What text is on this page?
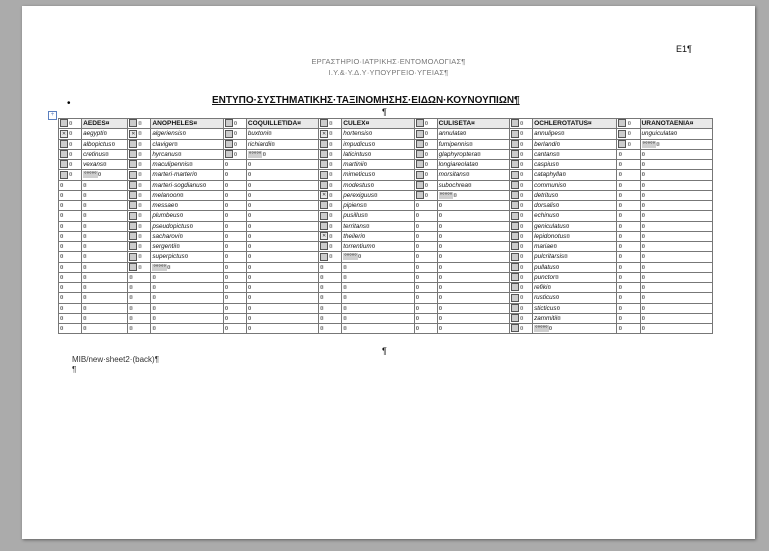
E1¶
ΕΡΓΑΣΤΗΡΙΟ·ΙΑΤΡΙΚΗΣ·ΕΝΤΟΜΟΛΟΓΙΑΣ¶
Ι.Υ.&·Υ.Δ.Υ·ΥΠΟΥΡΓΕΙΟ·ΥΓΕΙΑΣ¶
•	ΕΝΤΥΠΟ·ΣΥΣΤΗΜΑΤΙΚΗΣ·ΤΑΞΙΝΟΜΗΣΗΣ·ΕΙΔΩΝ·ΚΟΥΝΟΥΠΙΩΝ¶
¶
+
¤	AEDES¤	¤	ANOPHELES¤	¤	COQUILLETIDA¤	¤	CULEX¤	¤	CULISETA¤	¤	OCHLEROTATUS¤	¤	URANOTAENIA¤
✕¤	aegypti¤	✕¤	algeriensis¤	¤	buxtoni¤	✕¤	hortensis¤	¤	annulata¤	¤	annulipes¤	¤	unguiculata¤
¤	albopictus¤	¤	claviger¤	¤	richiardii¤	¤	impudicus¤	¤	fumipennis¤	¤	berlandi¤	¤	°°°°°¤
¤	cretinus¤	¤	hyrcanus¤	¤	°°°°°¤	¤	laticintus¤	¤	glaphyroptera¤	¤	cantans¤	¤	¤
¤	vexans¤	¤	maculipennis¤	¤	¤	¤	martinii¤	¤	longiareolata¤	¤	caspius¤	¤	¤
¤	°°°°°¤	¤	marteri·marteri¤	¤	¤	¤	mimeticus¤	¤	morsitans¤	¤	cataphylla¤	¤	¤
¤	¤	¤	marteri·sogdianus¤	¤	¤	¤	modestus¤	¤	subochrea¤	¤	communis¤	¤	¤
¤	¤	¤	melanoon¤	¤	¤	✕¤	perexiguus¤	¤	°°°°°¤	¤	detritus¤	¤	¤
¤	¤	¤	messae¤	¤	¤	¤	pipiens¤	¤	¤	¤	dorsalis¤	¤	¤
¤	¤	¤	plumbeus¤	¤	¤	¤	pusillus¤	¤	¤	¤	echinus¤	¤	¤
¤	¤	¤	pseudopictus¤	¤	¤	¤	territans¤	¤	¤	¤	geniculatus¤	¤	¤
¤	¤	¤	sacharovi¤	¤	¤	✕¤	theileri¤	¤	¤	¤	lepidonotus¤	¤	¤
¤	¤	¤	sergentii¤	¤	¤	¤	torrentium¤	¤	¤	¤	mariae¤	¤	¤
¤	¤	¤	superpictus¤	¤	¤	¤	°°°°°¤	¤	¤	¤	pulcritarsis¤	¤	¤
¤	¤	¤	°°°°°¤	¤	¤	¤	¤	¤	¤	¤	pullatus¤	¤	¤
¤	¤	¤	¤	¤	¤	¤	¤	¤	¤	¤	punctor¤	¤	¤
¤	¤	¤	¤	¤	¤	¤	¤	¤	¤	¤	refiki¤	¤	¤
¤	¤	¤	¤	¤	¤	¤	¤	¤	¤	¤	rusticus¤	¤	¤
¤	¤	¤	¤	¤	¤	¤	¤	¤	¤	¤	sticticus¤	¤	¤
¤	¤	¤	¤	¤	¤	¤	¤	¤	¤	¤	zammitii¤	¤	¤
¤	¤	¤	¤	¤	¤	¤	¤	¤	¤	¤	°°°°°¤	¤	¤
¶
MIB/new·sheet2·(back)¶
¶
